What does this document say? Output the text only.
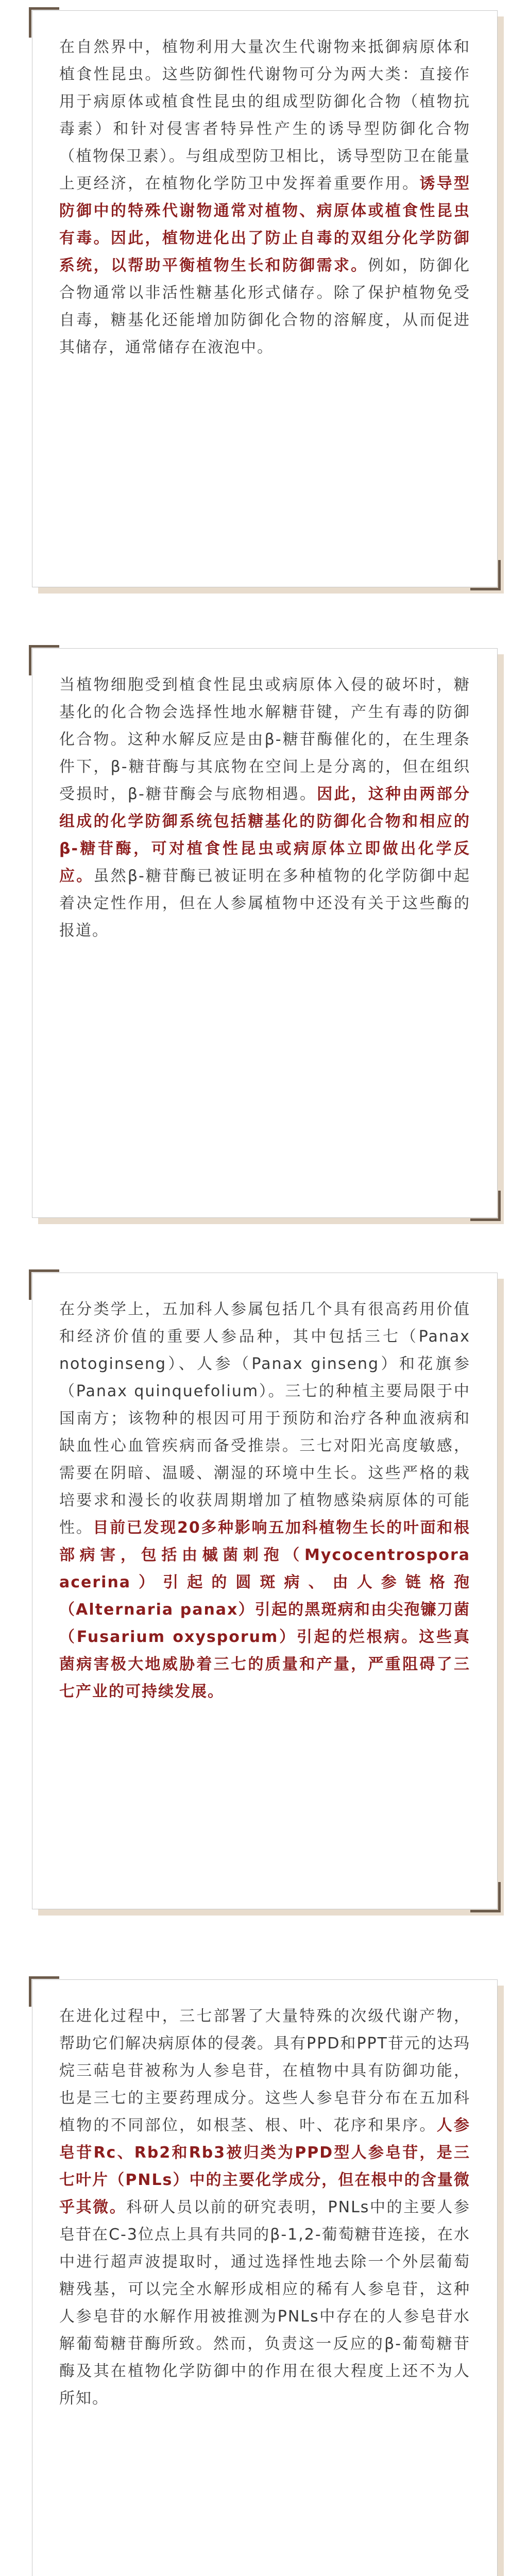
在自然界中，植物利用大量次生代谢物来抵御病原体和植食性昆虫。这些防御性代谢物可分为两大类：直接作用于病原体或植食性昆虫的组成型防御化合物（植物抗毒素）和针对侵害者特异性产生的诱导型防御化合物（植物保卫素）。与组成型防卫相比，诱导型防卫在能量上更经济，在植物化学防卫中发挥着重要作用。诱导型防御中的特殊代谢物通常对植物、病原体或植食性昆虫有毒。因此，植物进化出了防止自毒的双组分化学防御系统，以帮助平衡植物生长和防御需求。例如，防御化合物通常以非活性糖基化形式储存。除了保护植物免受自毒，糖基化还能增加防御化合物的溶解度，从而促进其储存，通常储存在液泡中。

当植物细胞受到植食性昆虫或病原体入侵的破坏时，糖基化的化合物会选择性地水解糖苷键，产生有毒的防御化合物。这种水解反应是由β-糖苷酶催化的，在生理条件下，β-糖苷酶与其底物在空间上是分离的，但在组织受损时，β-糖苷酶会与底物相遇。因此，这种由两部分组成的化学防御系统包括糖基化的防御化合物和相应的β-糖苷酶，可对植食性昆虫或病原体立即做出化学反应。虽然β-糖苷酶已被证明在多种植物的化学防御中起着决定性作用，但在人参属植物中还没有关于这些酶的报道。

在分类学上，五加科人参属包括几个具有很高药用价值和经济价值的重要人参品种，其中包括三七（Panax notoginseng）、人参（Panax ginseng）和花旗参（Panax quinquefolium）。三七的种植主要局限于中国南方；该物种的根因可用于预防和治疗各种血液病和缺血性心血管疾病而备受推崇。三七对阳光高度敏感，需要在阴暗、温暖、潮湿的环境中生长。这些严格的栽培要求和漫长的收获周期增加了植物感染病原体的可能性。目前已发现20多种影响五加科植物生长的叶面和根部病害，包括由槭菌刺孢（Mycocentrospora acerina）引起的圆斑病、由人参链格孢（Alternaria panax）引起的黑斑病和由尖孢镰刀菌（Fusarium oxysporum）引起的烂根病。这些真菌病害极大地威胁着三七的质量和产量，严重阻碍了三七产业的可持续发展。

在进化过程中，三七部署了大量特殊的次级代谢产物，帮助它们解决病原体的侵袭。具有PPD和PPT苷元的达玛烷三萜皂苷被称为人参皂苷，在植物中具有防御功能，也是三七的主要药理成分。这些人参皂苷分布在五加科植物的不同部位，如根茎、根、叶、花序和果序。人参皂苷Rc、Rb2和Rb3被归类为PPD型人参皂苷，是三七叶片（PNLs）中的主要化学成分，但在根中的含量微乎其微。科研人员以前的研究表明，PNLs中的主要人参皂苷在C-3位点上具有共同的β-1,2-葡萄糖苷连接，在水中进行超声波提取时，通过选择性地去除一个外层葡萄糖残基，可以完全水解形成相应的稀有人参皂苷，这种人参皂苷的水解作用被推测为PNLs中存在的人参皂苷水解葡萄糖苷酶所致。然而，负责这一反应的β-葡萄糖苷酶及其在植物化学防御中的作用在很大程度上还不为人所知。
